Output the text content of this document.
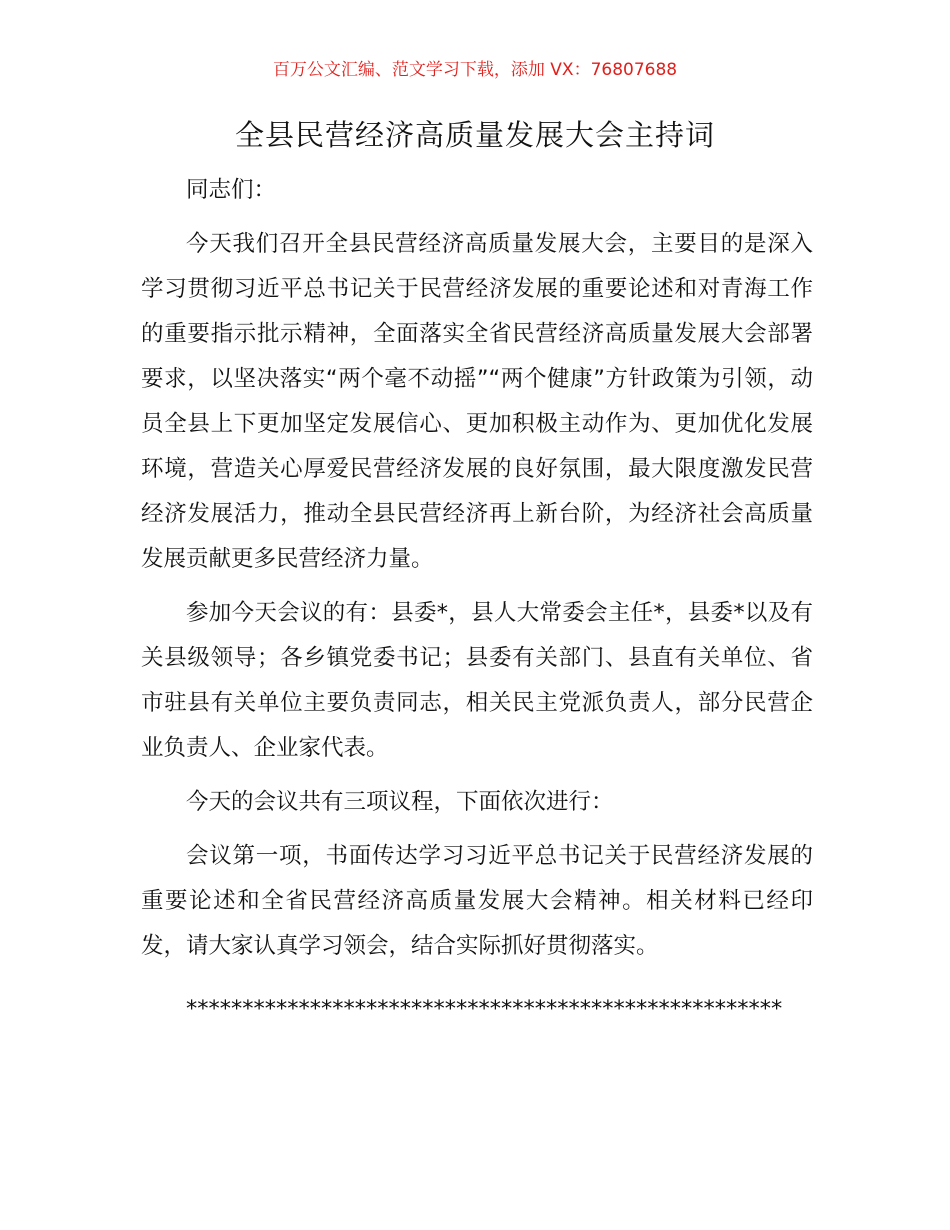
百万公文汇编、范文学习下载，添加 VX：76807688
全县民营经济高质量发展大会主持词

同志们：

今天我们召开全县民营经济高质量发展大会，主要目的是深入学习贯彻习近平总书记关于民营经济发展的重要论述和对青海工作的重要指示批示精神，全面落实全省民营经济高质量发展大会部署要求，以坚决落实“两个毫不动摇”“两个健康”方针政策为引领，动员全县上下更加坚定发展信心、更加积极主动作为、更加优化发展环境，营造关心厚爱民营经济发展的良好氛围，最大限度激发民营经济发展活力，推动全县民营经济再上新台阶，为经济社会高质量发展贡献更多民营经济力量。

参加今天会议的有：县委*，县人大常委会主任*，县委*以及有关县级领导；各乡镇党委书记；县委有关部门、县直有关单位、省市驻县有关单位主要负责同志，相关民主党派负责人，部分民营企业负责人、企业家代表。

今天的会议共有三项议程，下面依次进行：

会议第一项，书面传达学习习近平总书记关于民营经济发展的重要论述和全省民营经济高质量发展大会精神。相关材料已经印发，请大家认真学习领会，结合实际抓好贯彻落实。

*****************************************************
